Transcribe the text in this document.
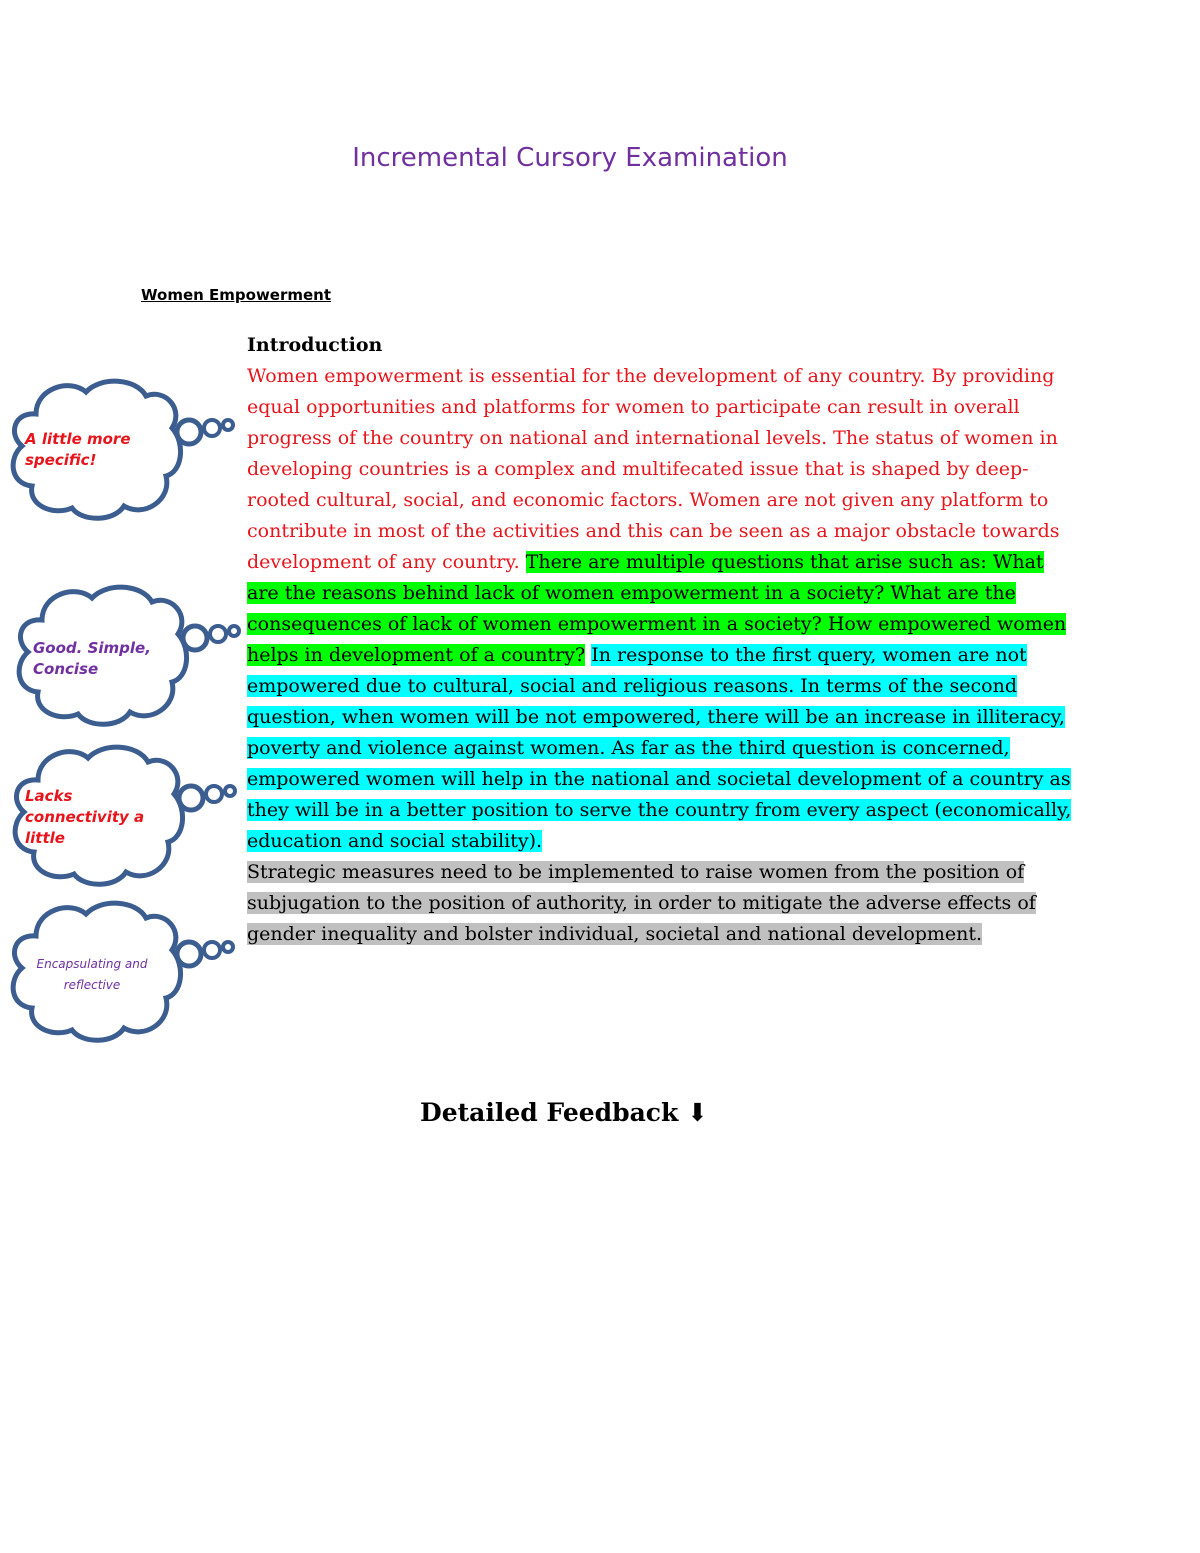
Incremental Cursory Examination
Women Empowerment
Introduction
Women empowerment is essential for the development of any country. By providing equal opportunities and platforms for women to participate can result in overall progress of the country on national and international levels. The status of women in developing countries is a complex and multifecated issue that is shaped by deep-rooted cultural, social, and economic factors. Women are not given any platform to contribute in most of the activities and this can be seen as a major obstacle towards development of any country. There are multiple questions that arise such as: What are the reasons behind lack of women empowerment in a society? What are the consequences of lack of women empowerment in a society? How empowered women helps in development of a country? In response to the first query, women are not empowered due to cultural, social and religious reasons. In terms of the second question, when women will be not empowered, there will be an increase in illiteracy, poverty and violence against women. As far as the third question is concerned, empowered women will help in the national and societal development of a country as they will be in a better position to serve the country from every aspect (economically, education and social stability).
Strategic measures need to be implemented to raise women from the position of subjugation to the position of authority, in order to mitigate the adverse effects of gender inequality and bolster individual, societal and national development.
A little more specific!
Good. Simple, Concise
Lacks connectivity a little
Encapsulating and reflective
Detailed Feedback ⬇
